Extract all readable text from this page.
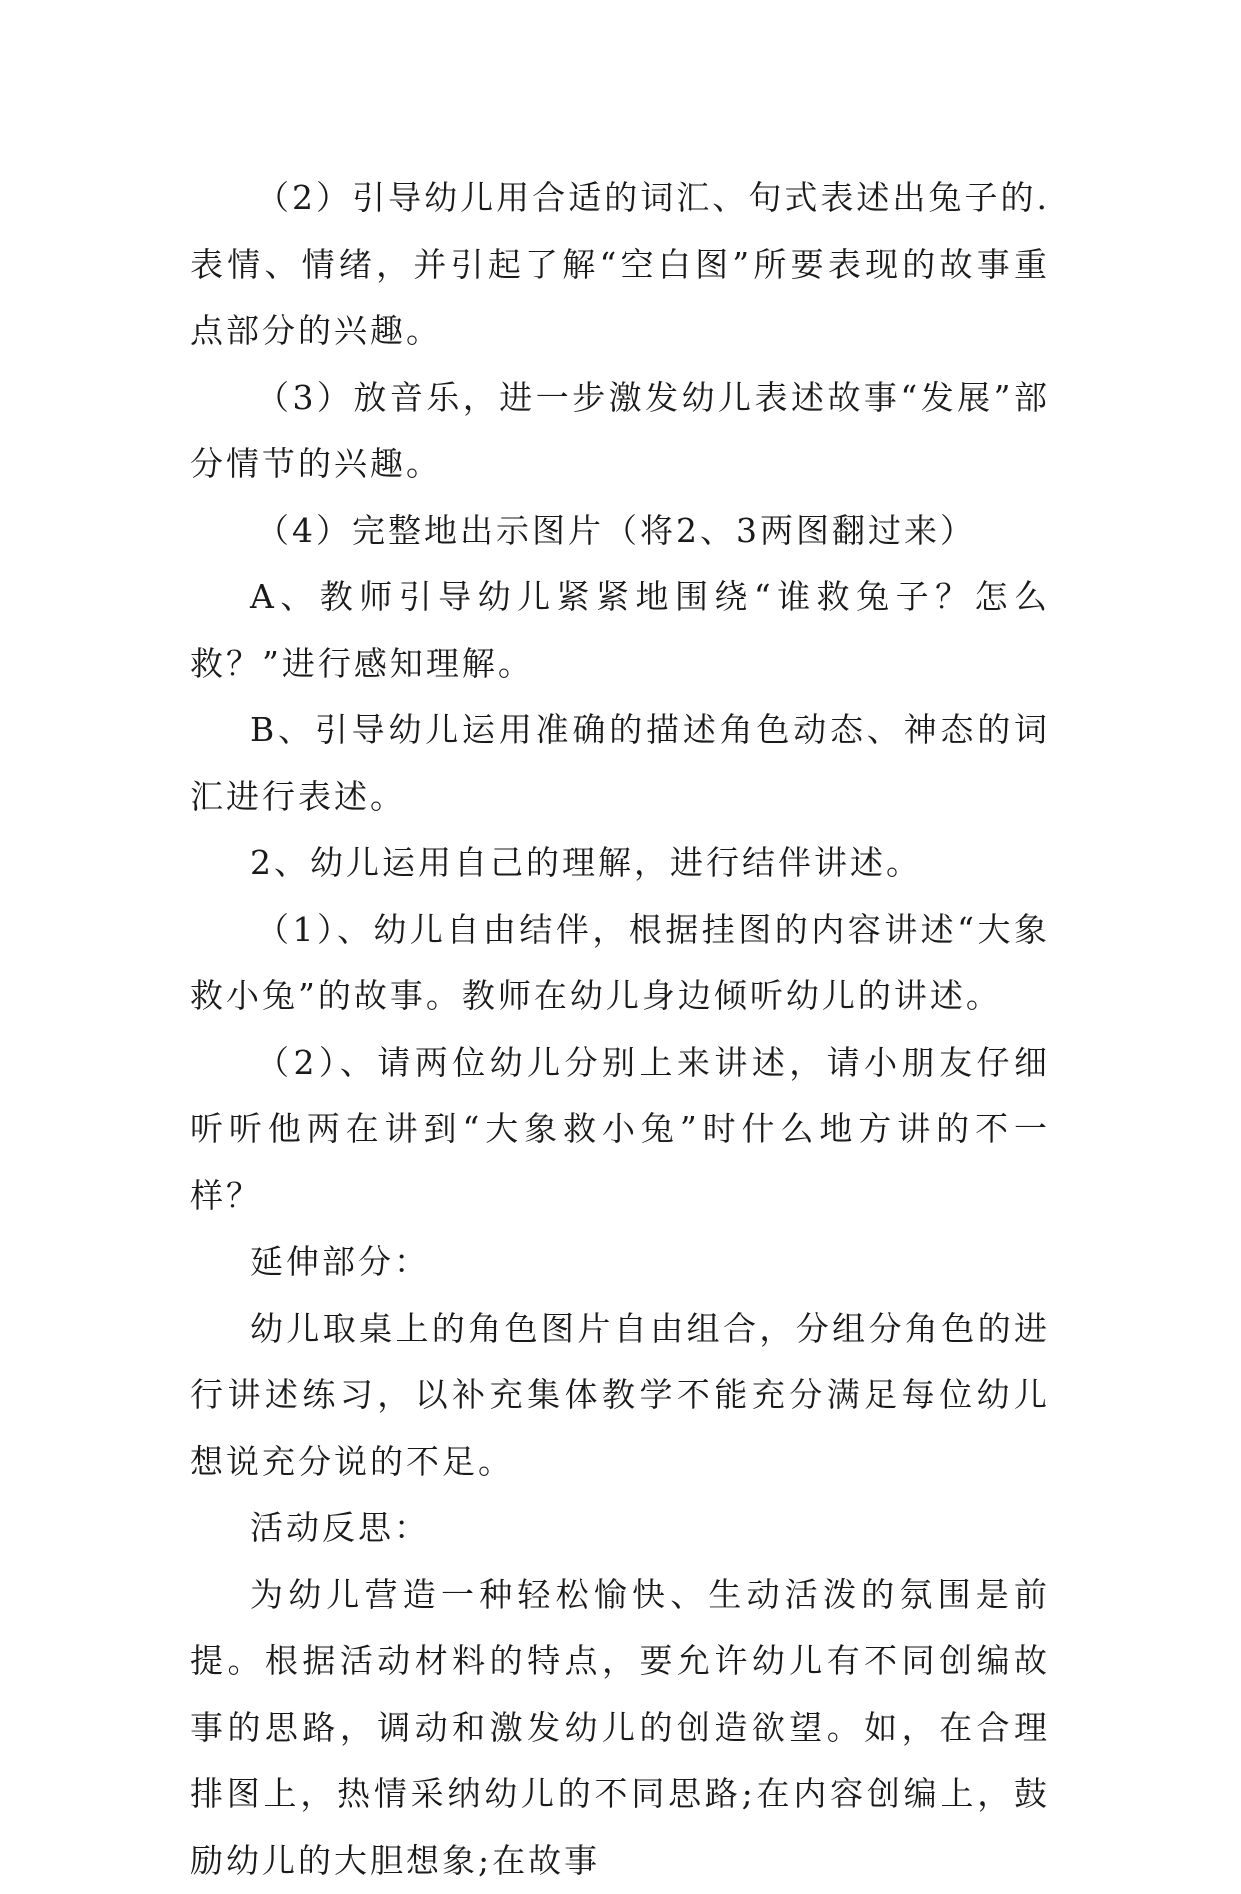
（2）引导幼儿用合适的词汇、句式表述出兔子的.表情、情绪，并引起了解“空白图”所要表现的故事重点部分的兴趣。

（3）放音乐，进一步激发幼儿表述故事“发展”部分情节的兴趣。

（4）完整地出示图片（将2、3两图翻过来）

A、教师引导幼儿紧紧地围绕“谁救兔子？怎么救？”进行感知理解。

B、引导幼儿运用准确的描述角色动态、神态的词汇进行表述。

2、幼儿运用自己的理解，进行结伴讲述。

（1）、幼儿自由结伴，根据挂图的内容讲述“大象救小兔”的故事。教师在幼儿身边倾听幼儿的讲述。

（2）、请两位幼儿分别上来讲述，请小朋友仔细听听他两在讲到“大象救小兔”时什么地方讲的不一样？

延伸部分：

幼儿取桌上的角色图片自由组合，分组分角色的进行讲述练习，以补充集体教学不能充分满足每位幼儿想说充分说的不足。

活动反思：

为幼儿营造一种轻松愉快、生动活泼的氛围是前提。根据活动材料的特点，要允许幼儿有不同创编故事的思路，调动和激发幼儿的创造欲望。如，在合理排图上，热情采纳幼儿的不同思路;在内容创编上，鼓励幼儿的大胆想象;在故事
